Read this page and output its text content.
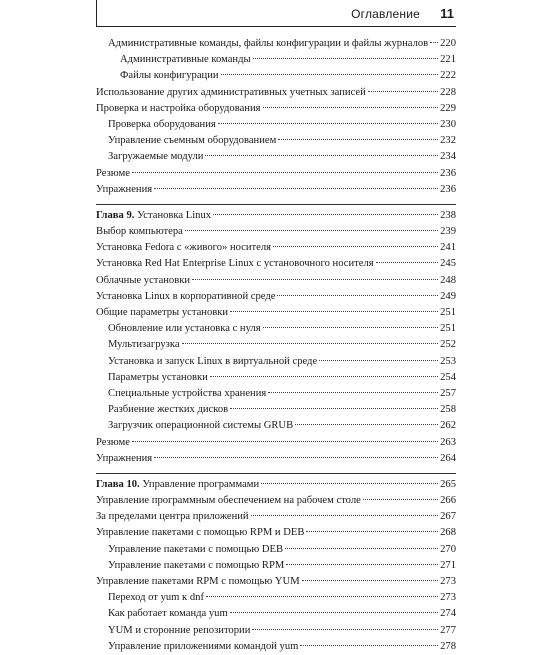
Оглавление 11
Административные команды, файлы конфигурации и файлы журналов 220
Административные команды	221
Файлы конфигурации	222
Использование других административных учетных записей	228
Проверка и настройка оборудования	229
Проверка оборудования	230
Управление съемным оборудованием	232
Загружаемые модули	234
Резюме	236
Упражнения	236
Глава 9. Установка Linux	238
Выбор компьютера	239
Установка Fedora с «живого» носителя	241
Установка Red Hat Enterprise Linux с установочного носителя	245
Облачные установки	248
Установка Linux в корпоративной среде	249
Общие параметры установки	251
Обновление или установка с нуля	251
Мультизагрузка	252
Установка и запуск Linux в виртуальной среде	253
Параметры установки	254
Специальные устройства хранения	257
Разбиение жестких дисков	258
Загрузчик операционной системы GRUB	262
Резюме	263
Упражнения	264
Глава 10. Управление программами	265
Управление программным обеспечением на рабочем столе	266
За пределами центра приложений	267
Управление пакетами с помощью RPM и DEB	268
Управление пакетами с помощью DEB	270
Управление пакетами с помощью RPM	271
Управление пакетами RPM с помощью YUM	273
Переход от yum к dnf	273
Как работает команда yum	274
YUM и сторонние репозитории	277
Управление приложениями командой yum	278
